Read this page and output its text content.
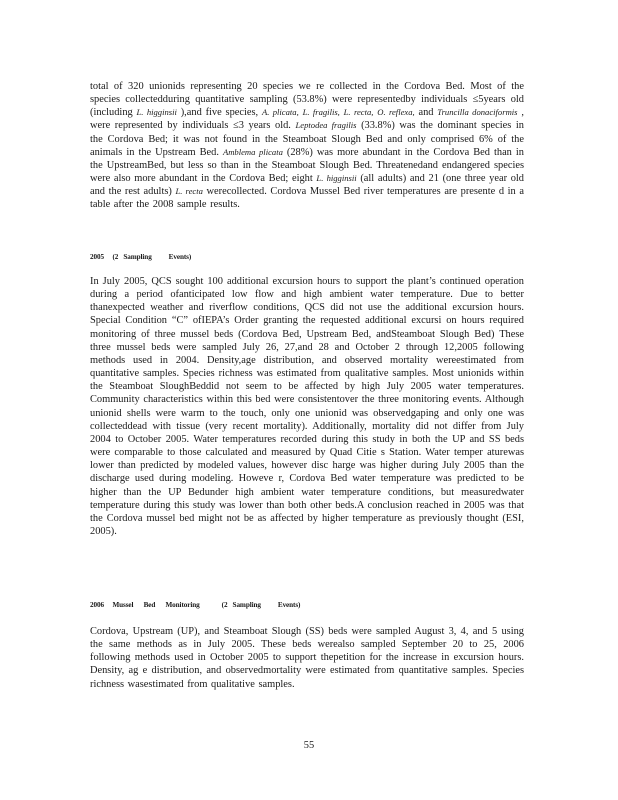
total of 320 unionids representing 20 species we re collected in the Cordova Bed. Most of the species collectedduring quantitative sampling (53.8%) were representedby individuals ≤5years old (including L. higginsii ),and five species, A. plicata, L. fragilis, L. recta, O. reflexa, and Truncilla donaciformis , were represented by individuals ≤3 years old. Leptodea fragilis (33.8%) was the dominant species in the Cordova Bed; it was not found in the Steamboat Slough Bed and only comprised 6% of the animals in the Upstream Bed. Amblema plicata (28%) was more abundant in the Cordova Bed than in the UpstreamBed, but less so than in the Steamboat Slough Bed. Threatenedand endangered species were also more abundant in the Cordova Bed; eight L. higginsii (all adults) and 21 (one three year old and the rest adults) L. recta werecollected. Cordova Mussel Bed river temperatures are presente d in a table after the 2008 sample results.

2005     (2   Sampling          Events)

In July 2005, QCS sought 100 additional excursion hours to support the plant’s continued operation during a period ofanticipated low flow and high ambient water temperature. Due to better thanexpected weather and riverflow conditions, QCS did not use the additional excursion hours. Special Condition “C” ofIEPA’s Order granting the requested additional excursi on hours required monitoring of three mussel beds (Cordova Bed, Upstream Bed, andSteamboat Slough Bed) These three mussel beds were sampled July 26, 27,and 28 and October 2 through 12,2005 following methods used in 2004. Density,age distribution, and observed mortality wereestimated from quantitative samples. Species richness was estimated from qualitative samples. Most unionids within the Steamboat SloughBeddid not seem to be affected by high July 2005 water temperatures. Community characteristics within this bed were consistentover the three monitoring events. Although unionid shells were warm to the touch, only one unionid was observedgaping and only one was collecteddead with tissue (very recent mortality). Additionally, mortality did not differ from July 2004 to October 2005. Water temperatures recorded during this study in both the UP and SS beds were comparable to those calculated and measured by Quad Citie s Station. Water temper aturewas lower than predicted by modeled values, however disc harge was higher during July 2005 than the discharge used during modeling. Howeve r, Cordova Bed water temperature was predicted to be higher than the UP Bedunder high ambient water temperature conditions, but measuredwater temperature during this study was lower than both other beds.A conclusion reached in 2005 was that the Cordova mussel bed might not be as affected by higher temperature as previously thought (ESI, 2005).

2006     Mussel      Bed      Monitoring             (2   Sampling          Events)

Cordova, Upstream (UP), and Steamboat Slough (SS) beds were sampled August 3, 4, and 5 using the same methods as in July 2005. These beds werealso sampled September 20 to 25, 2006 following methods used in October 2005 to support thepetition for the increase in excursion hours. Density, ag e distribution, and observedmortality were estimated from quantitative samples. Species richness wasestimated from qualitative samples.

55
